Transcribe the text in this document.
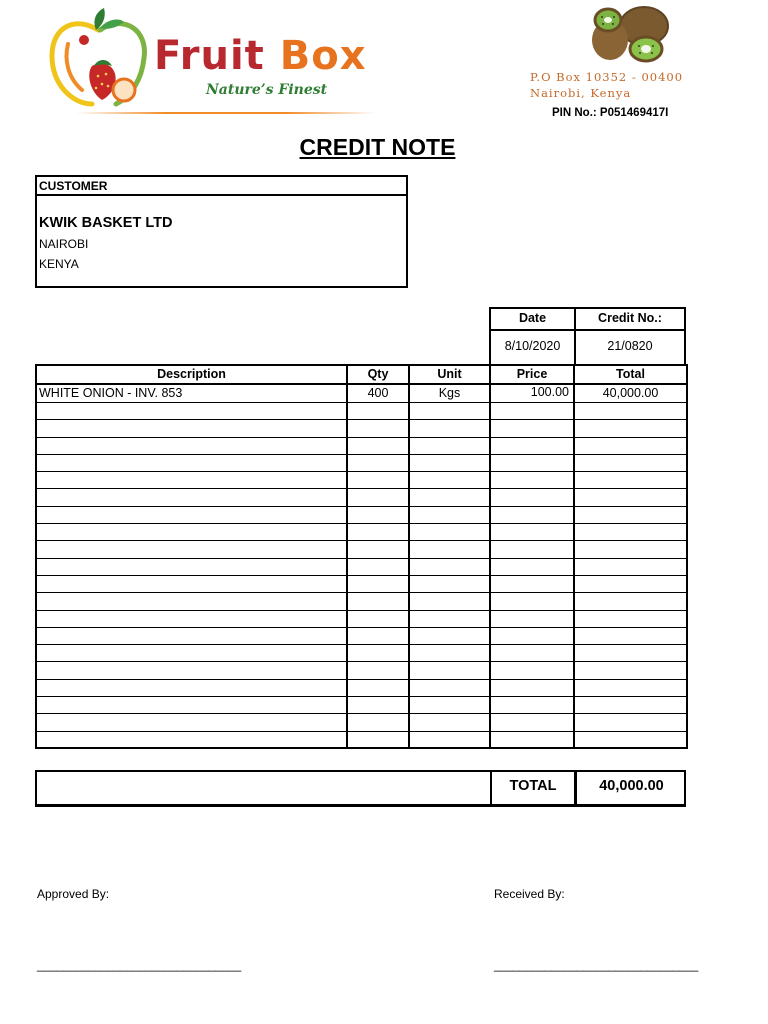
Fruit Box
Nature’s Finest
P.O Box 10352 - 00400
Nairobi, Kenya
PIN No.: P051469417I
CREDIT NOTE
CUSTOMER
KWIK BASKET LTD
NAIROBI
KENYA
Date	Credit No.:
8/10/2020	21/0820
Description	Qty	Unit	Price	Total
WHITE ONION - INV. 853	400	Kgs	100.00	40,000.00

TOTAL	40,000.00
Approved By:	Received By:
________________________________	________________________________
